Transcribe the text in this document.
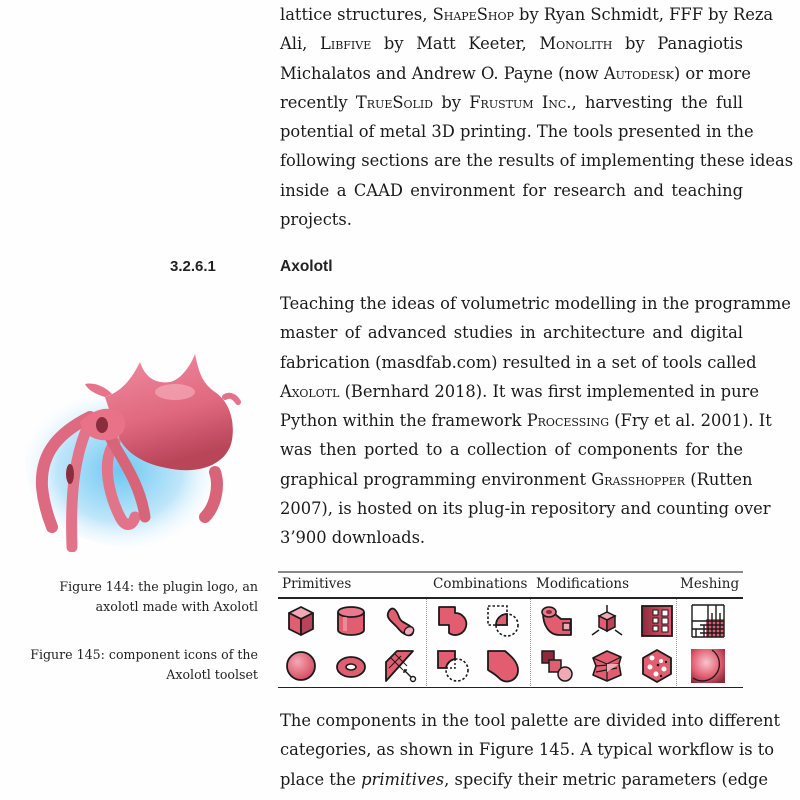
lattice structures, ShapeShop by Ryan Schmidt, FFF by Reza
Ali, Libfive by Matt Keeter, Monolith by Panagiotis
Michalatos and Andrew O. Payne (now Autodesk) or more
recently TrueSolid by Frustum Inc., harvesting the full
potential of metal 3D printing. The tools presented in the
following sections are the results of implementing these ideas
inside a CAAD environment for research and teaching
projects.
3.2.6.1	Axolotl
Teaching the ideas of volumetric modelling in the programme
master of advanced studies in architecture and digital
fabrication (masdfab.com) resulted in a set of tools called
Axolotl (Bernhard 2018). It was first implemented in pure
Python within the framework Processing (Fry et al. 2001). It
was then ported to a collection of components for the
graphical programming environment Grasshopper (Rutten
2007), is hosted on its plug-in repository and counting over
3’900 downloads.
Figure 144: the plugin logo, an
axolotl made with Axolotl
Figure 145: component icons of the
Axolotl toolset
Primitives	Combinations Modifications	Meshing
The components in the tool palette are divided into different
categories, as shown in Figure 145. A typical workflow is to
place the primitives, specify their metric parameters (edge
